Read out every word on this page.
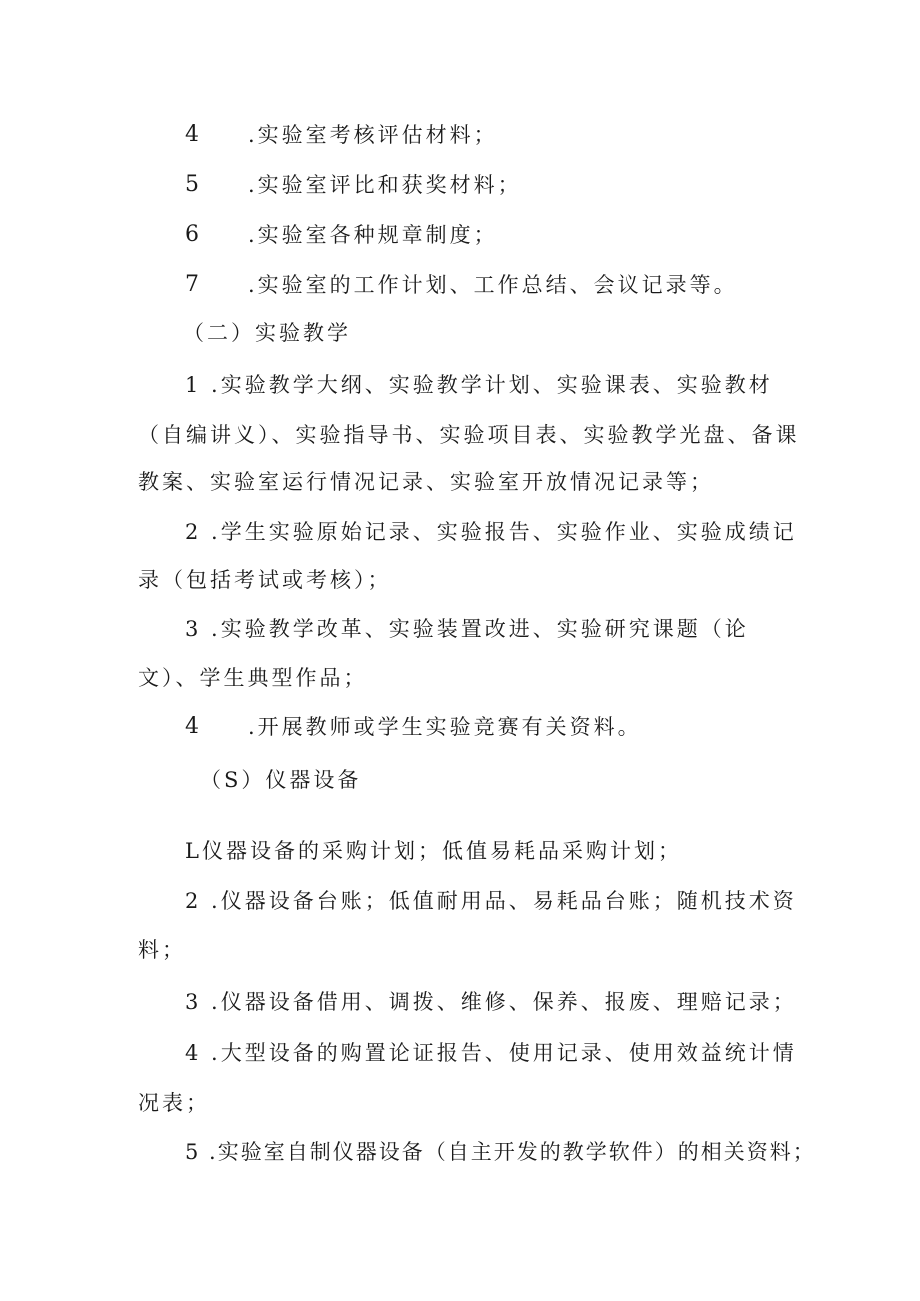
4 .实验室考核评估材料；
5 .实验室评比和获奖材料；
6 .实验室各种规章制度；
7 .实验室的工作计划、工作总结、会议记录等。
（二）实验教学
1 .实验教学大纲、实验教学计划、实验课表、实验教材
（自编讲义）、实验指导书、实验项目表、实验教学光盘、备课
教案、实验室运行情况记录、实验室开放情况记录等；
2 .学生实验原始记录、实验报告、实验作业、实验成绩记
录（包括考试或考核）；
3 .实验教学改革、实验装置改进、实验研究课题（论
文）、学生典型作品；
4 .开展教师或学生实验竞赛有关资料。
（S）仪器设备
L仪器设备的采购计划；低值易耗品采购计划；
2 .仪器设备台账；低值耐用品、易耗品台账；随机技术资
料；
3 .仪器设备借用、调拨、维修、保养、报废、理赔记录；
4 .大型设备的购置论证报告、使用记录、使用效益统计情
况表；
5 .实验室自制仪器设备（自主开发的教学软件）的相关资料；
